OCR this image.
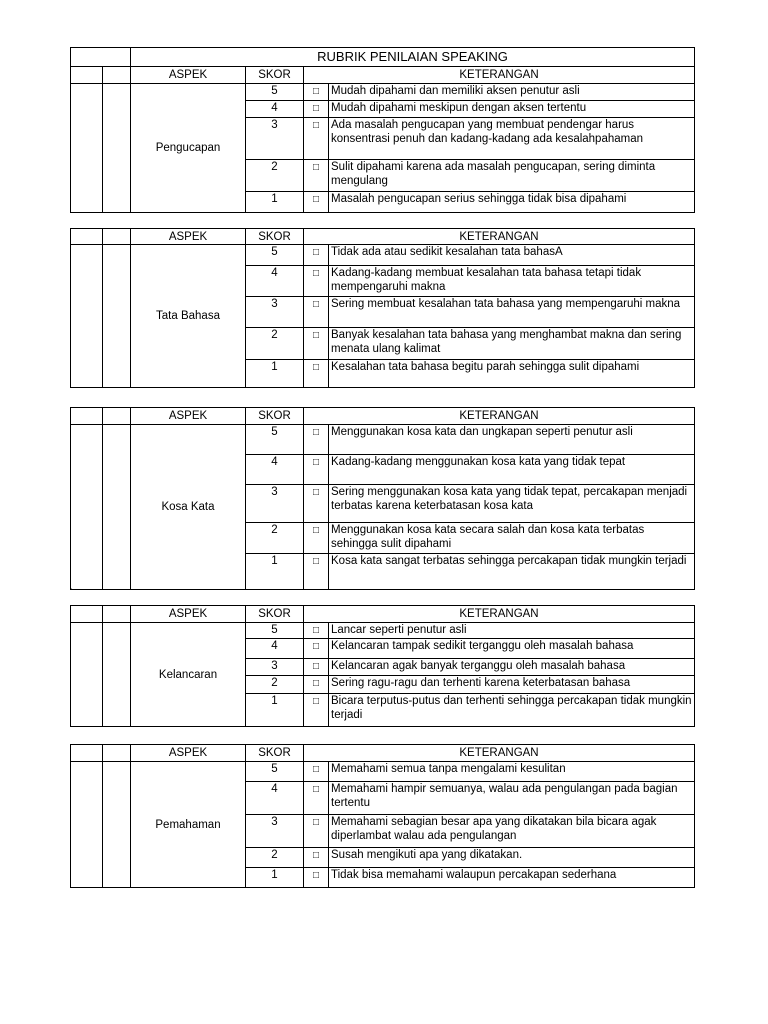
		RUBRIK PENILAIAN SPEAKING			
		ASPEK	SKOR	KETERANGAN	
		Pengucapan	5	□	Mudah dipahami dan memiliki aksen penutur asli
			4	□	Mudah dipahami meskipun dengan aksen tertentu
			3	□	Ada masalah pengucapan yang membuat pendengar harus konsentrasi penuh dan kadang-kadang ada kesalahpahaman
			2	□	Sulit dipahami karena ada masalah pengucapan, sering diminta mengulang
			1	□	Masalah pengucapan serius sehingga tidak bisa dipahami
		ASPEK	SKOR	KETERANGAN	
		Tata Bahasa	5	□	Tidak ada atau sedikit kesalahan tata bahasA
			4	□	Kadang-kadang membuat kesalahan tata bahasa tetapi tidak mempengaruhi makna
			3	□	Sering membuat kesalahan tata bahasa yang mempengaruhi makna
			2	□	Banyak kesalahan tata bahasa yang menghambat makna dan sering menata ulang kalimat
			1	□	Kesalahan tata bahasa begitu parah sehingga sulit dipahami
		ASPEK	SKOR	KETERANGAN	
		Kosa Kata	5	□	Menggunakan kosa kata dan ungkapan seperti penutur asli
			4	□	Kadang-kadang menggunakan kosa kata yang tidak tepat
			3	□	Sering menggunakan kosa kata yang tidak tepat, percakapan menjadi terbatas karena keterbatasan kosa kata
			2	□	Menggunakan kosa kata secara salah dan kosa kata terbatas sehingga sulit dipahami
			1	□	Kosa kata sangat terbatas sehingga percakapan tidak mungkin terjadi
`
		ASPEK	SKOR	KETERANGAN	
		Kelancaran	5	□	Lancar seperti penutur asli
			4	□	Kelancaran tampak sedikit terganggu oleh masalah bahasa
			3	□	Kelancaran agak banyak terganggu oleh masalah bahasa
			2	□	Sering ragu-ragu dan terhenti karena keterbatasan bahasa
			1	□	Bicara terputus-putus dan terhenti sehingga percakapan tidak mungkin terjadi
		ASPEK	SKOR	KETERANGAN	
		Pemahaman	5	□	Memahami semua tanpa mengalami kesulitan
			4	□	Memahami hampir semuanya, walau ada pengulangan pada bagian tertentu
			3	□	Memahami sebagian besar apa yang dikatakan bila bicara agak diperlambat walau ada pengulangan
			2	□	Susah mengikuti apa yang dikatakan.
			1	□	Tidak bisa memahami walaupun percakapan sederhana
